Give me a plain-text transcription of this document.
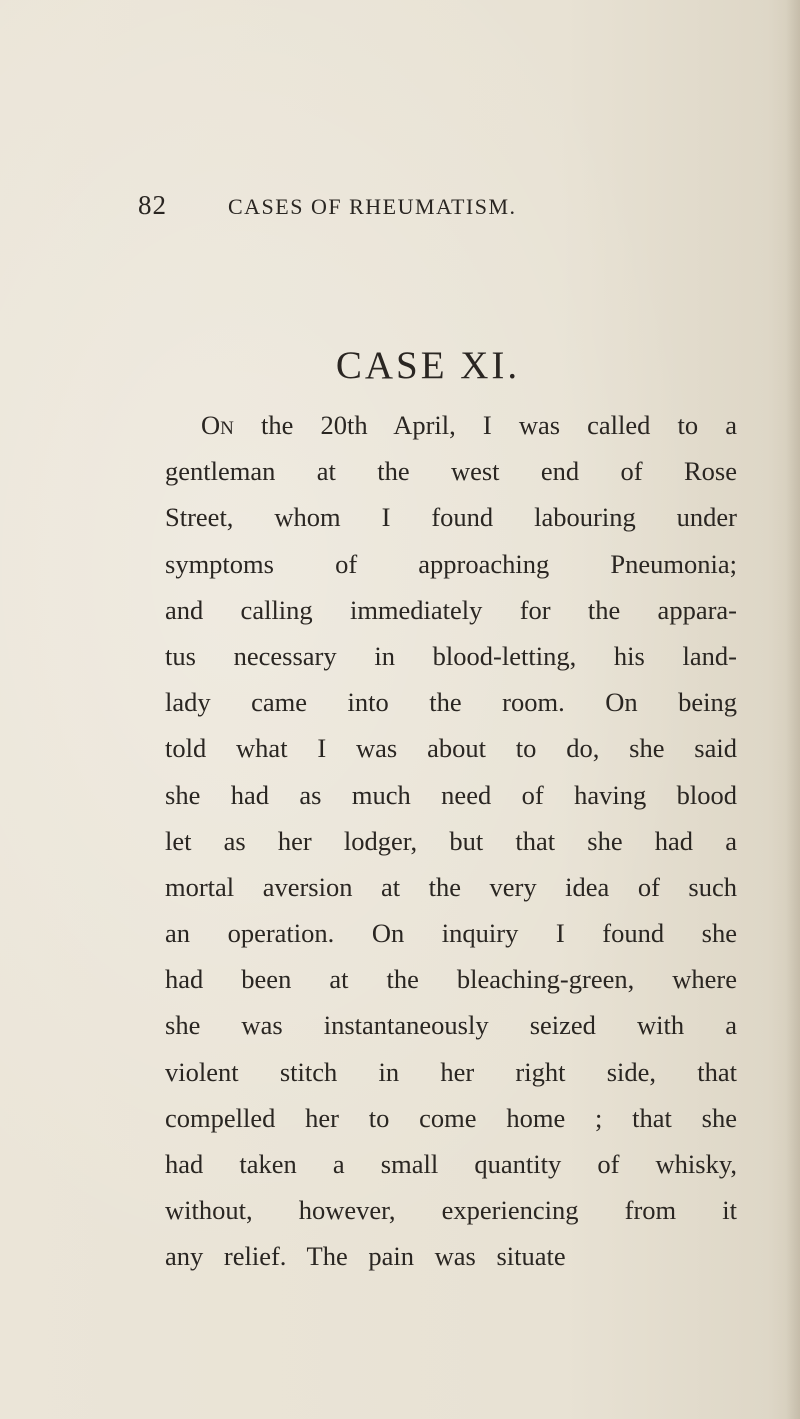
82	CASES OF RHEUMATISM.
CASE XI.
On the 20th April, I was called to a
gentleman at the west end of Rose
Street, whom I found labouring under
symptoms of approaching Pneumonia;
and calling immediately for the appara-
tus necessary in blood-letting, his land-
lady came into the room. On being
told what I was about to do, she said
she had as much need of having blood
let as her lodger, but that she had a
mortal aversion at the very idea of such
an operation. On inquiry I found she
had been at the bleaching-green, where
she was instantaneously seized with a
violent stitch in her right side, that
compelled her to come home ; that she
had taken a small quantity of whisky,
without, however, experiencing from it
any relief. The pain was situate
